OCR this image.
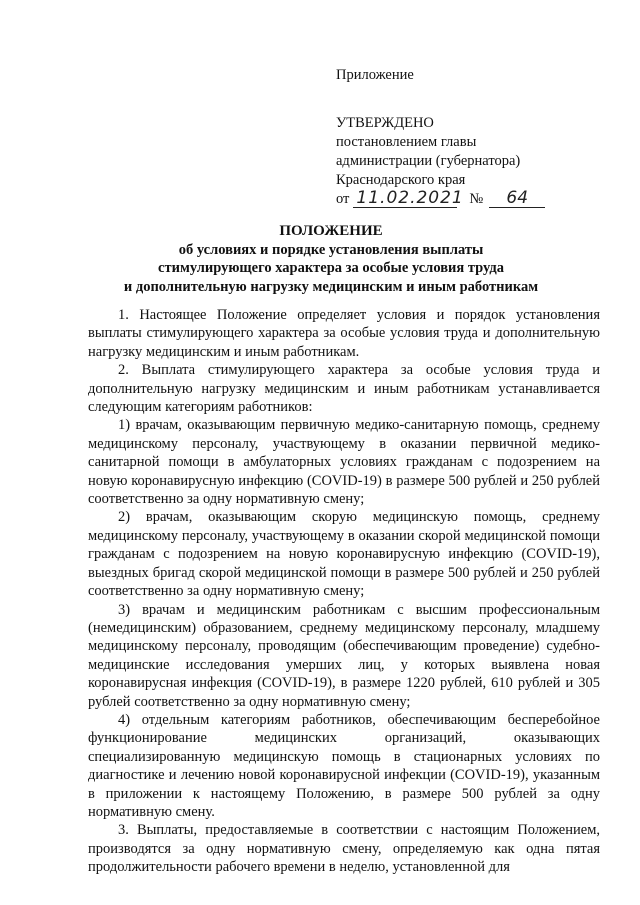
Приложение
УТВЕРЖДЕНО
постановлением главы
администрации (губернатора)
Краснодарского края
от 11.02.2021 №	64
ПОЛОЖЕНИЕ
об условиях и порядке установления выплаты
стимулирующего характера за особые условия труда
и дополнительную нагрузку медицинским и иным работникам

1. Настоящее Положение определяет условия и порядок установления выплаты стимулирующего характера за особые условия труда и дополнительную нагрузку медицинским и иным работникам.

2. Выплата стимулирующего характера за особые условия труда и дополнительную нагрузку медицинским и иным работникам устанавливается следующим категориям работников:

1) врачам, оказывающим первичную медико-санитарную помощь, среднему медицинскому персоналу, участвующему в оказании первичной медико-санитарной помощи в амбулаторных условиях гражданам с подозрением на новую коронавирусную инфекцию (COVID-19) в размере 500 рублей и 250 рублей соответственно за одну нормативную смену;

2) врачам, оказывающим скорую медицинскую помощь, среднему медицинскому персоналу, участвующему в оказании скорой медицинской помощи гражданам с подозрением на новую коронавирусную инфекцию (COVID-19), выездных бригад скорой медицинской помощи в размере 500 рублей и 250 рублей соответственно за одну нормативную смену;

3) врачам и медицинским работникам с высшим профессиональным (немедицинским) образованием, среднему медицинскому персоналу, младшему медицинскому персоналу, проводящим (обеспечивающим проведение) судебно-медицинские исследования умерших лиц, у которых выявлена новая коронавирусная инфекция (COVID-19), в размере 1220 рублей, 610 рублей и 305 рублей соответственно за одну нормативную смену;

4) отдельным категориям работников, обеспечивающим бесперебойное функционирование медицинских организаций, оказывающих специализированную медицинскую помощь в стационарных условиях по диагностике и лечению новой коронавирусной инфекции (COVID-19), указанным в приложении к настоящему Положению, в размере 500 рублей за одну нормативную смену.

3. Выплаты, предоставляемые в соответствии с настоящим Положением, производятся за одну нормативную смену, определяемую как одна пятая продолжительности рабочего времени в неделю, установленной для
